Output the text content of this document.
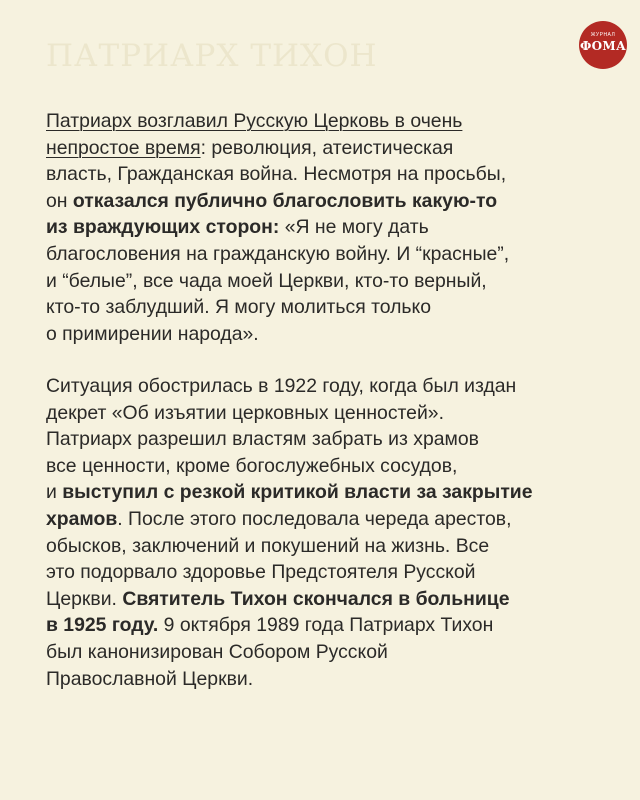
ПАТРИАРХ ТИХОН
ЖУРНАЛ
ФОМА

Патриарх возглавил Русскую Церковь в очень
непростое время: революция, атеистическая
власть, Гражданская война. Несмотря на просьбы,
он отказался публично благословить какую-то
из враждующих сторон: «Я не могу дать
благословения на гражданскую войну. И “красные”,
и “белые”, все чада моей Церкви, кто-то верный,
кто-то заблудший. Я могу молиться только
о примирении народа».

Ситуация обострилась в 1922 году, когда был издан
декрет «Об изъятии церковных ценностей».
Патриарх разрешил властям забрать из храмов
все ценности, кроме богослужебных сосудов,
и выступил с резкой критикой власти за закрытие
храмов. После этого последовала череда арестов,
обысков, заключений и покушений на жизнь. Все
это подорвало здоровье Предстоятеля Русской
Церкви. Святитель Тихон скончался в больнице
в 1925 году. 9 октября 1989 года Патриарх Тихон
был канонизирован Собором Русской
Православной Церкви.
